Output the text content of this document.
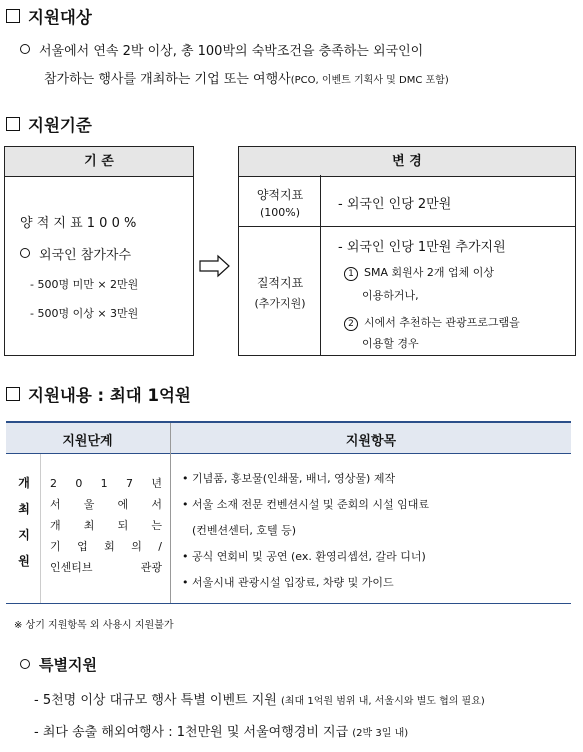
지원대상
서울에서 연속 2박 이상, 총 100박의 숙박조건을 충족하는 외국인이
참가하는 행사를 개최하는 기업 또는 여행사(PCO, 이벤트 기획사 및 DMC 포함)
지원기준
기 존
양 적 지 표 1 0 0 %
외국인 참가자수
- 500명 미만 × 2만원
- 500명 이상 × 3만원
변 경
양적지표
(100%)
- 외국인 인당 2만원
질적지표
(추가지원)
- 외국인 인당 1만원 추가지원
1 SMA 회원사 2개 업체 이상
이용하거나,
2 시에서 추천하는 관광프로그램을
이용할 경우
지원내용 : 최대 1억원
지원단계	지원항목
개
최
지
원
2 0 1 7 년
서 울 에 서
개 최 되 는
기 업 회 의 /
인센티브 관광
• 기념품, 홍보물(인쇄물, 배너, 영상물) 제작
• 서울 소재 전문 컨벤션시설 및 준회의 시설 임대료
(컨벤션센터, 호텔 등)
• 공식 연회비 및 공연 (ex. 환영리셉션, 갈라 디너)
• 서울시내 관광시설 입장료, 차량 및 가이드
※ 상기 지원항목 외 사용시 지원불가
특별지원
- 5천명 이상 대규모 행사 특별 이벤트 지원 (최대 1억원 범위 내, 서울시와 별도 협의 필요)
- 최다 송출 해외여행사 : 1천만원 및 서울여행경비 지급 (2박 3일 내)
